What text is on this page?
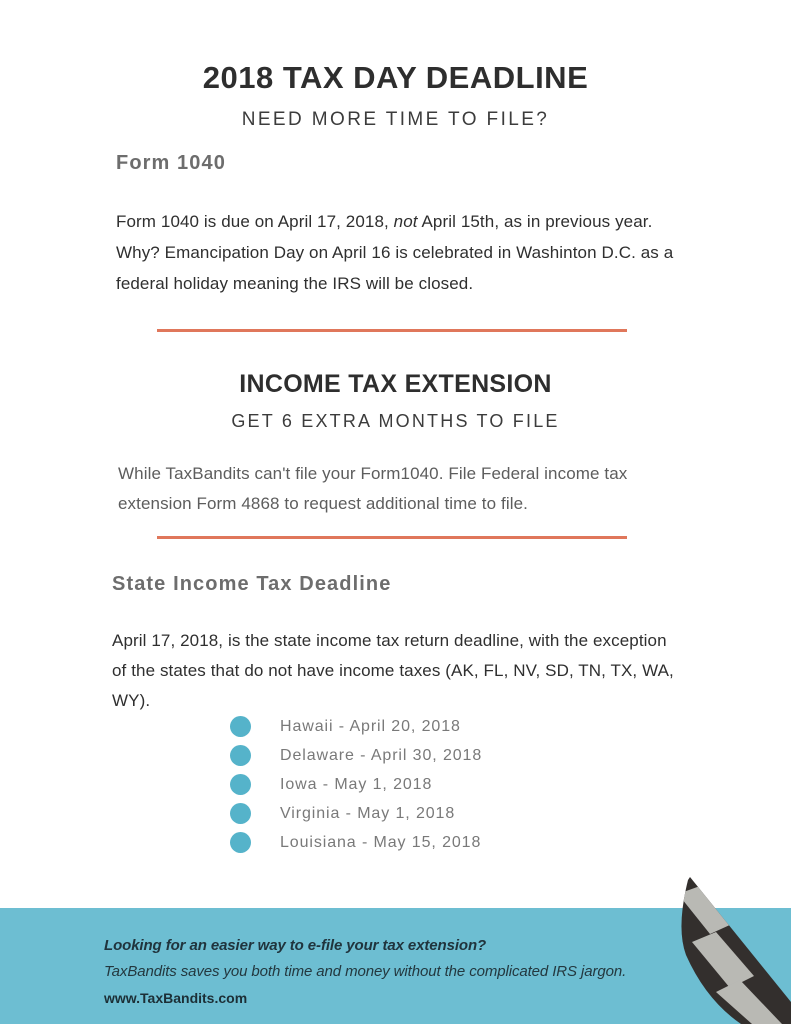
2018 TAX DAY DEADLINE
NEED MORE TIME TO FILE?
Form 1040

Form 1040 is due on April 17, 2018, not April 15th, as in previous year. Why? Emancipation Day on April 16 is celebrated in Washinton D.C. as a federal holiday meaning the IRS will be closed.

INCOME TAX EXTENSION
GET 6 EXTRA MONTHS TO FILE

While TaxBandits can't file your Form1040. File Federal income tax extension Form 4868 to request additional time to file.

State Income Tax Deadline

April 17, 2018, is the state income tax return deadline, with the exception of the states that do not have income taxes (AK, FL, NV, SD, TN, TX, WA, WY).

Hawaii - April 20, 2018
Delaware - April 30, 2018
Iowa - May 1, 2018
Virginia - May 1, 2018
Louisiana - May 15, 2018

Looking for an easier way to e-file your tax extension?

TaxBandits saves you both time and money without the complicated IRS jargon.

www.TaxBandits.com
